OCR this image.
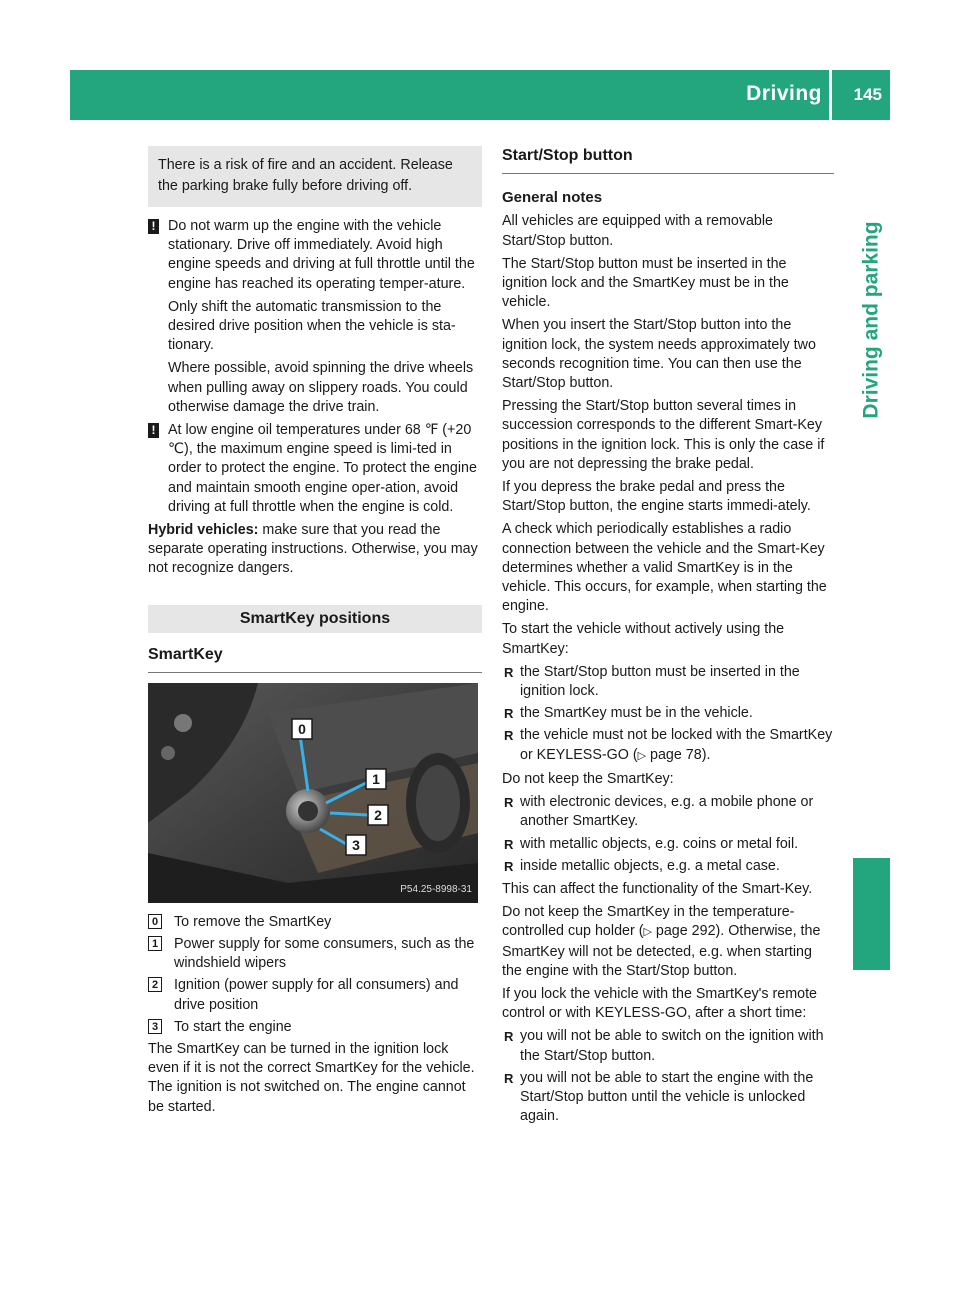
Driving 145
Driving and parking
There is a risk of fire and an accident. Release the parking brake fully before driving off.
! Do not warm up the engine with the vehicle stationary. Drive off immediately. Avoid high engine speeds and driving at full throttle until the engine has reached its operating temper-ature.

Only shift the automatic transmission to the desired drive position when the vehicle is sta-tionary.

Where possible, avoid spinning the drive wheels when pulling away on slippery roads. You could otherwise damage the drive train.

! At low engine oil temperatures under 68 ℉ (+20 ℃), the maximum engine speed is limi-ted in order to protect the engine. To protect the engine and maintain smooth engine oper-ation, avoid driving at full throttle when the engine is cold.

Hybrid vehicles: make sure that you read the separate operating instructions. Otherwise, you may not recognize dangers.

SmartKey positions
SmartKey
0
1
2
3
P54.25-8998-31
0 To remove the SmartKey
1 Power supply for some consumers, such as the windshield wipers
2 Ignition (power supply for all consumers) and drive position
3 To start the engine

The SmartKey can be turned in the ignition lock even if it is not the correct SmartKey for the vehicle. The ignition is not switched on. The engine cannot be started.

Start/Stop button
General notes

All vehicles are equipped with a removable Start/Stop button.

The Start/Stop button must be inserted in the ignition lock and the SmartKey must be in the vehicle.

When you insert the Start/Stop button into the ignition lock, the system needs approximately two seconds recognition time. You can then use the Start/Stop button.

Pressing the Start/Stop button several times in succession corresponds to the different Smart-Key positions in the ignition lock. This is only the case if you are not depressing the brake pedal.

If you depress the brake pedal and press the Start/Stop button, the engine starts immedi-ately.

A check which periodically establishes a radio connection between the vehicle and the Smart-Key determines whether a valid SmartKey is in the vehicle. This occurs, for example, when starting the engine.

To start the vehicle without actively using the SmartKey:

R the Start/Stop button must be inserted in the ignition lock.
R the SmartKey must be in the vehicle.
R the vehicle must not be locked with the SmartKey or KEYLESS-GO (▷ page 78).

Do not keep the SmartKey:

R with electronic devices, e.g. a mobile phone or another SmartKey.
R with metallic objects, e.g. coins or metal foil.
R inside metallic objects, e.g. a metal case.

This can affect the functionality of the Smart-Key.

Do not keep the SmartKey in the temperature-controlled cup holder (▷ page 292). Otherwise, the SmartKey will not be detected, e.g. when starting the engine with the Start/Stop button.

If you lock the vehicle with the SmartKey's remote control or with KEYLESS-GO, after a short time:

R you will not be able to switch on the ignition with the Start/Stop button.
R you will not be able to start the engine with the Start/Stop button until the vehicle is unlocked again.
